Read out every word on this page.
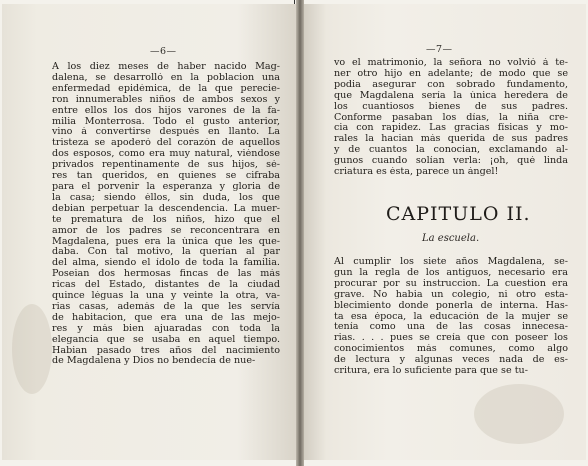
—6—
A los diez meses de haber nacido Mag-
dalena, se desarrolló en la poblacion una
enfermedad epidémica, de la que perecie-
ron innumerables niños de ambos sexos y
entre ellos los dos hijos varones de la fa-
milia Monterrosa. Todo el gusto anterior,
vino á convertirse después en llanto. La
tristeza se apoderó del corazón de aquellos
dos esposos, como era muy natural, viéndose
privados repentinamente de sus hijos, sé-
res tan queridos, en quienes se cifraba
para el porvenir la esperanza y gloria de
la casa; siendo éllos, sin duda, los que
debian perpetuar la descendencia. La muer-
te prematura de los niños, hizo que el
amor de los padres se reconcentrara en
Magdalena, pues era la única que les que-
daba. Con tal motivo, la querían al par
del alma, siendo el ídolo de toda la familia.
Poseian dos hermosas fincas de las más
ricas del Estado, distantes de la ciudad
quince léguas la una y veinte la otra, va-
rias casas, además de la que les servía
de habitacion, que era una de las mejo-
res y más bien ajuaradas con toda la
elegancia que se usaba en aquel tiempo.
Habian pasado tres años del nacimiento
de Magdalena y Dios no bendecía de nue-
—7—
vo el matrimonio, la señora no volvió á te-
ner otro hijo en adelante; de modo que se
podia asegurar con sobrado fundamento,
que Magdalena sería la única heredera de
los cuantiosos bienes de sus padres.
Conforme pasaban los días, la niña cre-
cia con rapidez. Las gracias físicas y mo-
rales la hacian más querida de sus padres
y de cuantos la conocian, exclamando al-
gunos cuando solían verla: ¡oh, qué linda
criatura es ésta, parece un ángel!
CAPITULO II.
La escuela.
Al cumplir los siete años Magdalena, se-
gun la regla de los antiguos, necesario era
procurar por su instruccion. La cuestion era
grave. No habia un colegio, ni otro esta-
blecimiento donde ponerla de interna. Has-
ta esa época, la educación de la mujer se
tenía como una de las cosas innecesa-
rias. . . . pues se creía que con poseer los
conocimientos más comunes, como algo
de lectura y algunas veces nada de es-
critura, era lo suficiente para que se tu-
